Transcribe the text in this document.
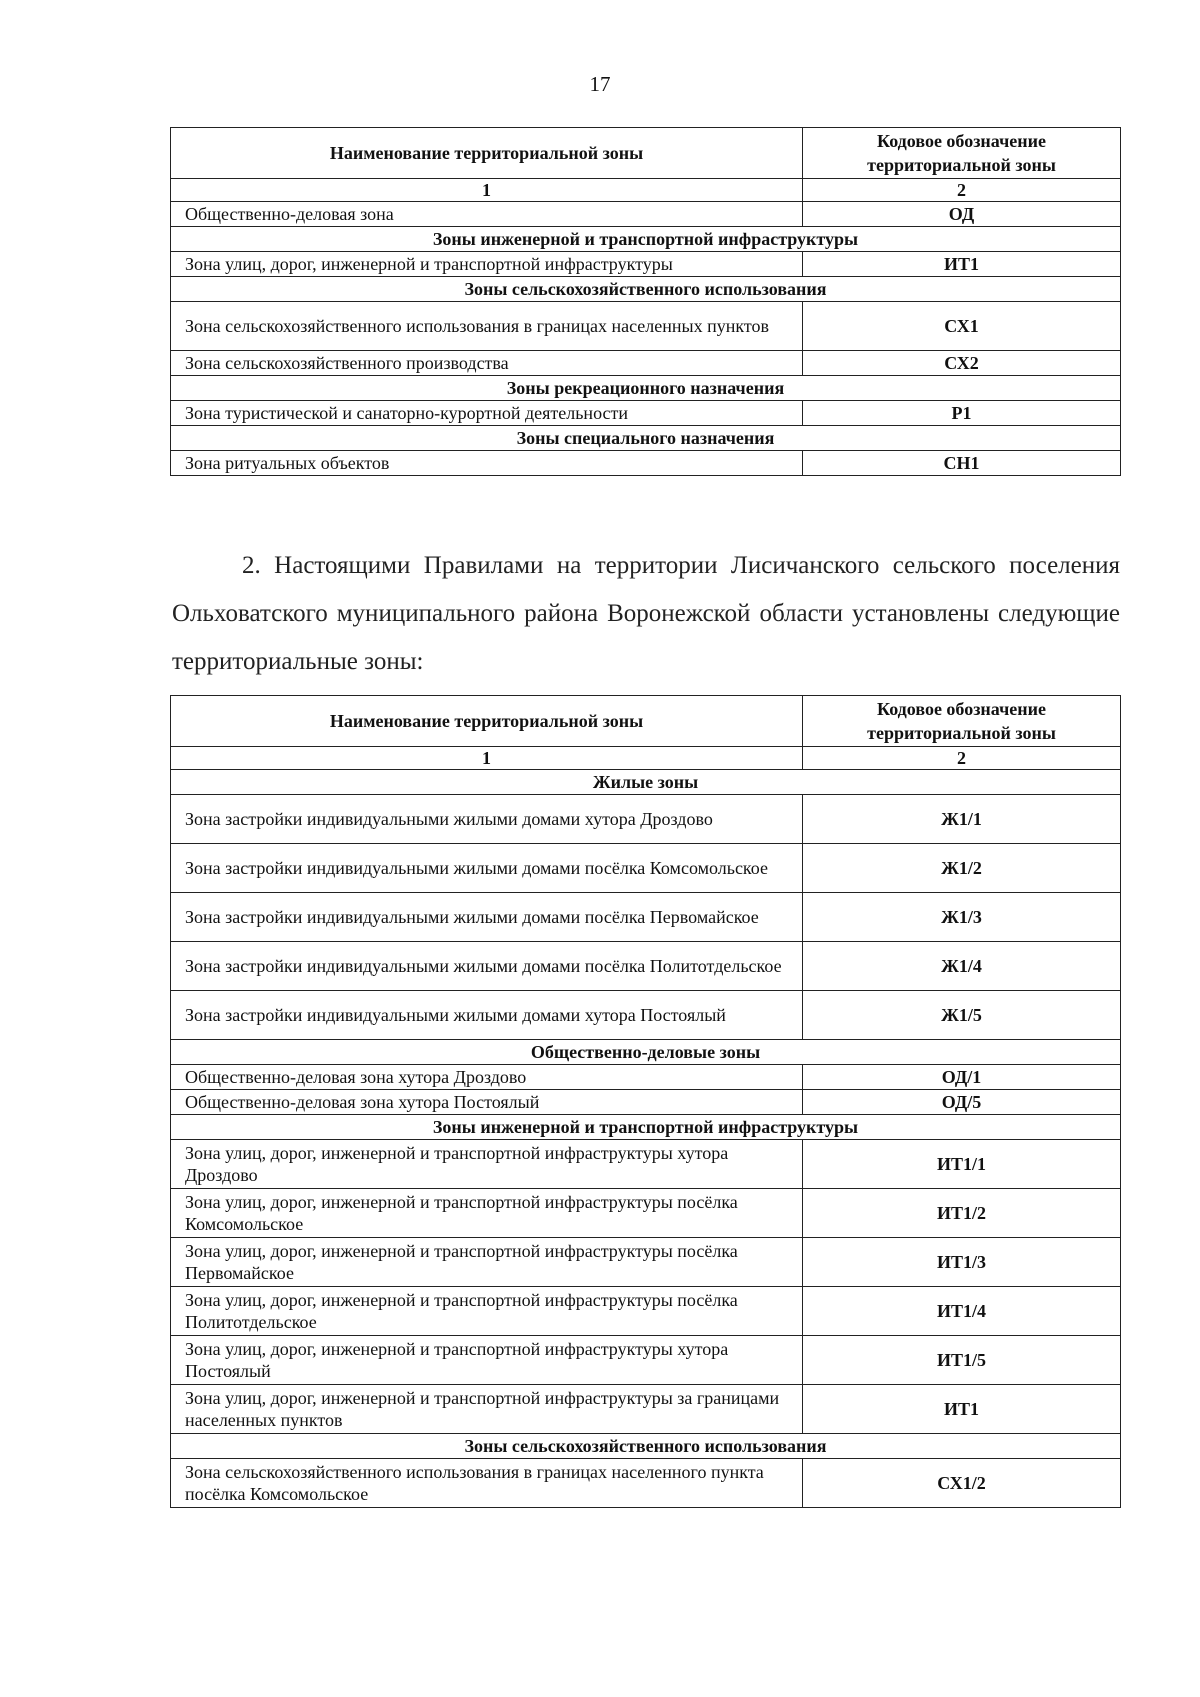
17
Наименование территориальной зоны	Кодовое обозначение территориальной зоны
1	2
Общественно-деловая зона	ОД
Зоны инженерной и транспортной инфраструктуры	
Зона улиц, дорог, инженерной и транспортной инфраструктуры	ИТ1
Зоны сельскохозяйственного использования	
Зона сельскохозяйственного использования в границах населенных пунктов	СХ1
Зона сельскохозяйственного производства	СХ2
Зоны рекреационного назначения	
Зона туристической и санаторно-курортной деятельности	Р1
Зоны специального назначения	
Зона ритуальных объектов	СН1

2. Настоящими Правилами на территории Лисичанского сельского поселения Ольховатского муниципального района Воронежской области установлены следующие территориальные зоны:

Наименование территориальной зоны	Кодовое обозначение территориальной зоны
1	2
Жилые зоны	
Зона застройки индивидуальными жилыми домами хутора Дроздово	Ж1/1
Зона застройки индивидуальными жилыми домами посёлка Комсомольское	Ж1/2
Зона застройки индивидуальными жилыми домами посёлка Первомайское	Ж1/3
Зона застройки индивидуальными жилыми домами посёлка Политотдельское	Ж1/4
Зона застройки индивидуальными жилыми домами хутора Постоялый	Ж1/5
Общественно-деловые зоны	
Общественно-деловая зона хутора Дроздово	ОД/1
Общественно-деловая зона хутора Постоялый	ОД/5
Зоны инженерной и транспортной инфраструктуры	
Зона улиц, дорог, инженерной и транспортной инфраструктуры хутора Дроздово	ИТ1/1
Зона улиц, дорог, инженерной и транспортной инфраструктуры посёлка Комсомольское	ИТ1/2
Зона улиц, дорог, инженерной и транспортной инфраструктуры посёлка Первомайское	ИТ1/3
Зона улиц, дорог, инженерной и транспортной инфраструктуры посёлка Политотдельское	ИТ1/4
Зона улиц, дорог, инженерной и транспортной инфраструктуры хутора Постоялый	ИТ1/5
Зона улиц, дорог, инженерной и транспортной инфраструктуры за границами населенных пунктов	ИТ1
Зоны сельскохозяйственного использования	
Зона сельскохозяйственного использования в границах населенного пункта посёлка Комсомольское	СХ1/2
